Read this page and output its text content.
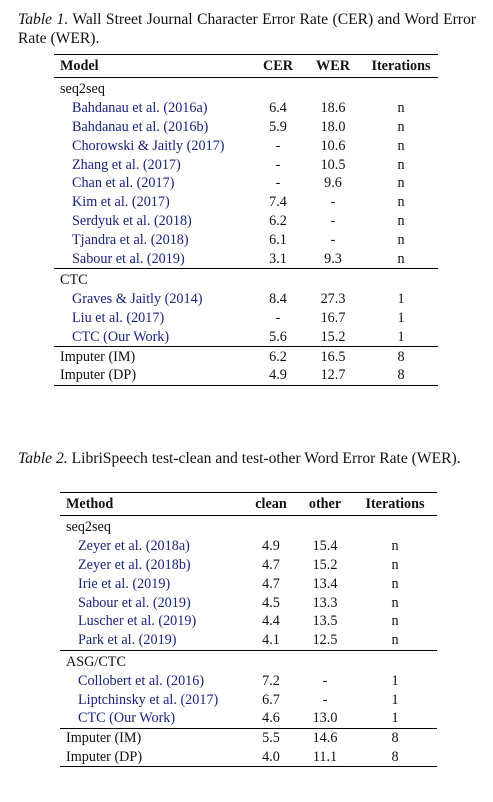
Table 1. Wall Street Journal Character Error Rate (CER) and Word Error Rate (WER).
Model	CER	WER	Iterations
seq2seq			
Bahdanau et al. (2016a)	6.4	18.6	n
Bahdanau et al. (2016b)	5.9	18.0	n
Chorowski & Jaitly (2017)	-	10.6	n
Zhang et al. (2017)	-	10.5	n
Chan et al. (2017)	-	9.6	n
Kim et al. (2017)	7.4	-	n
Serdyuk et al. (2018)	6.2	-	n
Tjandra et al. (2018)	6.1	-	n
Sabour et al. (2019)	3.1	9.3	n
CTC			
Graves & Jaitly (2014)	8.4	27.3	1
Liu et al. (2017)	-	16.7	1
CTC (Our Work)	5.6	15.2	1
Imputer (IM)	6.2	16.5	8
Imputer (DP)	4.9	12.7	8
Table 2. LibriSpeech test-clean and test-other Word Error Rate (WER).
Method	clean	other	Iterations
seq2seq			
Zeyer et al. (2018a)	4.9	15.4	n
Zeyer et al. (2018b)	4.7	15.2	n
Irie et al. (2019)	4.7	13.4	n
Sabour et al. (2019)	4.5	13.3	n
Luscher et al. (2019)	4.4	13.5	n
Park et al. (2019)	4.1	12.5	n
ASG/CTC			
Collobert et al. (2016)	7.2	-	1
Liptchinsky et al. (2017)	6.7	-	1
CTC (Our Work)	4.6	13.0	1
Imputer (IM)	5.5	14.6	8
Imputer (DP)	4.0	11.1	8
